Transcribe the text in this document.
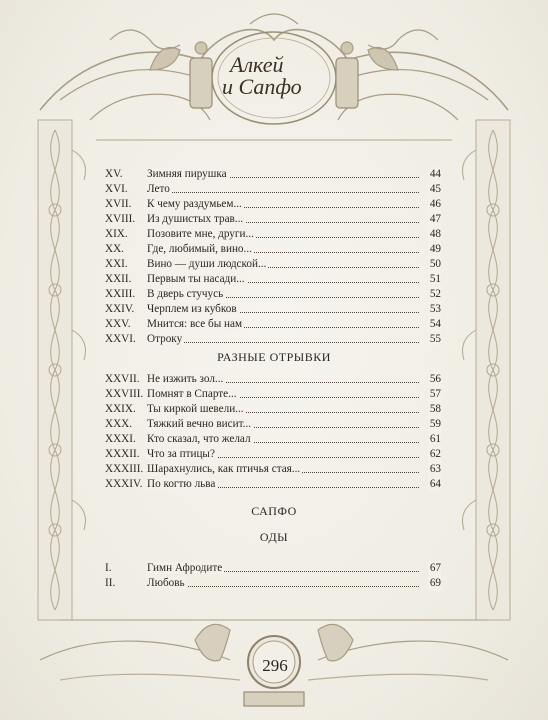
Алкей
и Сапфо
XV. Зимняя пирушка	44
XVI. Лето	45
XVII. К чему раздумьем...	46
XVIII. Из душистых трав...	47
XIX. Позовите мне, други...	48
XX. Где, любимый, вино...	49
XXI. Вино — души людской...	50
XXII. Первым ты насади...	51
XXIII. В дверь стучусь	52
XXIV. Черплем из кубков	53
XXV. Мнится: все бы нам	54
XXVI. Отроку	55
РАЗНЫЕ ОТРЫВКИ
XXVII. Не изжить зол...	56
XXVIII. Помнят в Спарте...	57
XXIX. Ты киркой шевели...	58
XXX. Тяжкий вечно висит...	59
XXXI. Кто сказал, что желал	61
XXXII. Что за птицы?	62
XXXIII. Шарахнулись, как птичья стая...	63
XXXIV. По когтю льва	64
САПФО
ОДЫ
I.	Гимн Афродите	67
II.	Любовь	69
296
